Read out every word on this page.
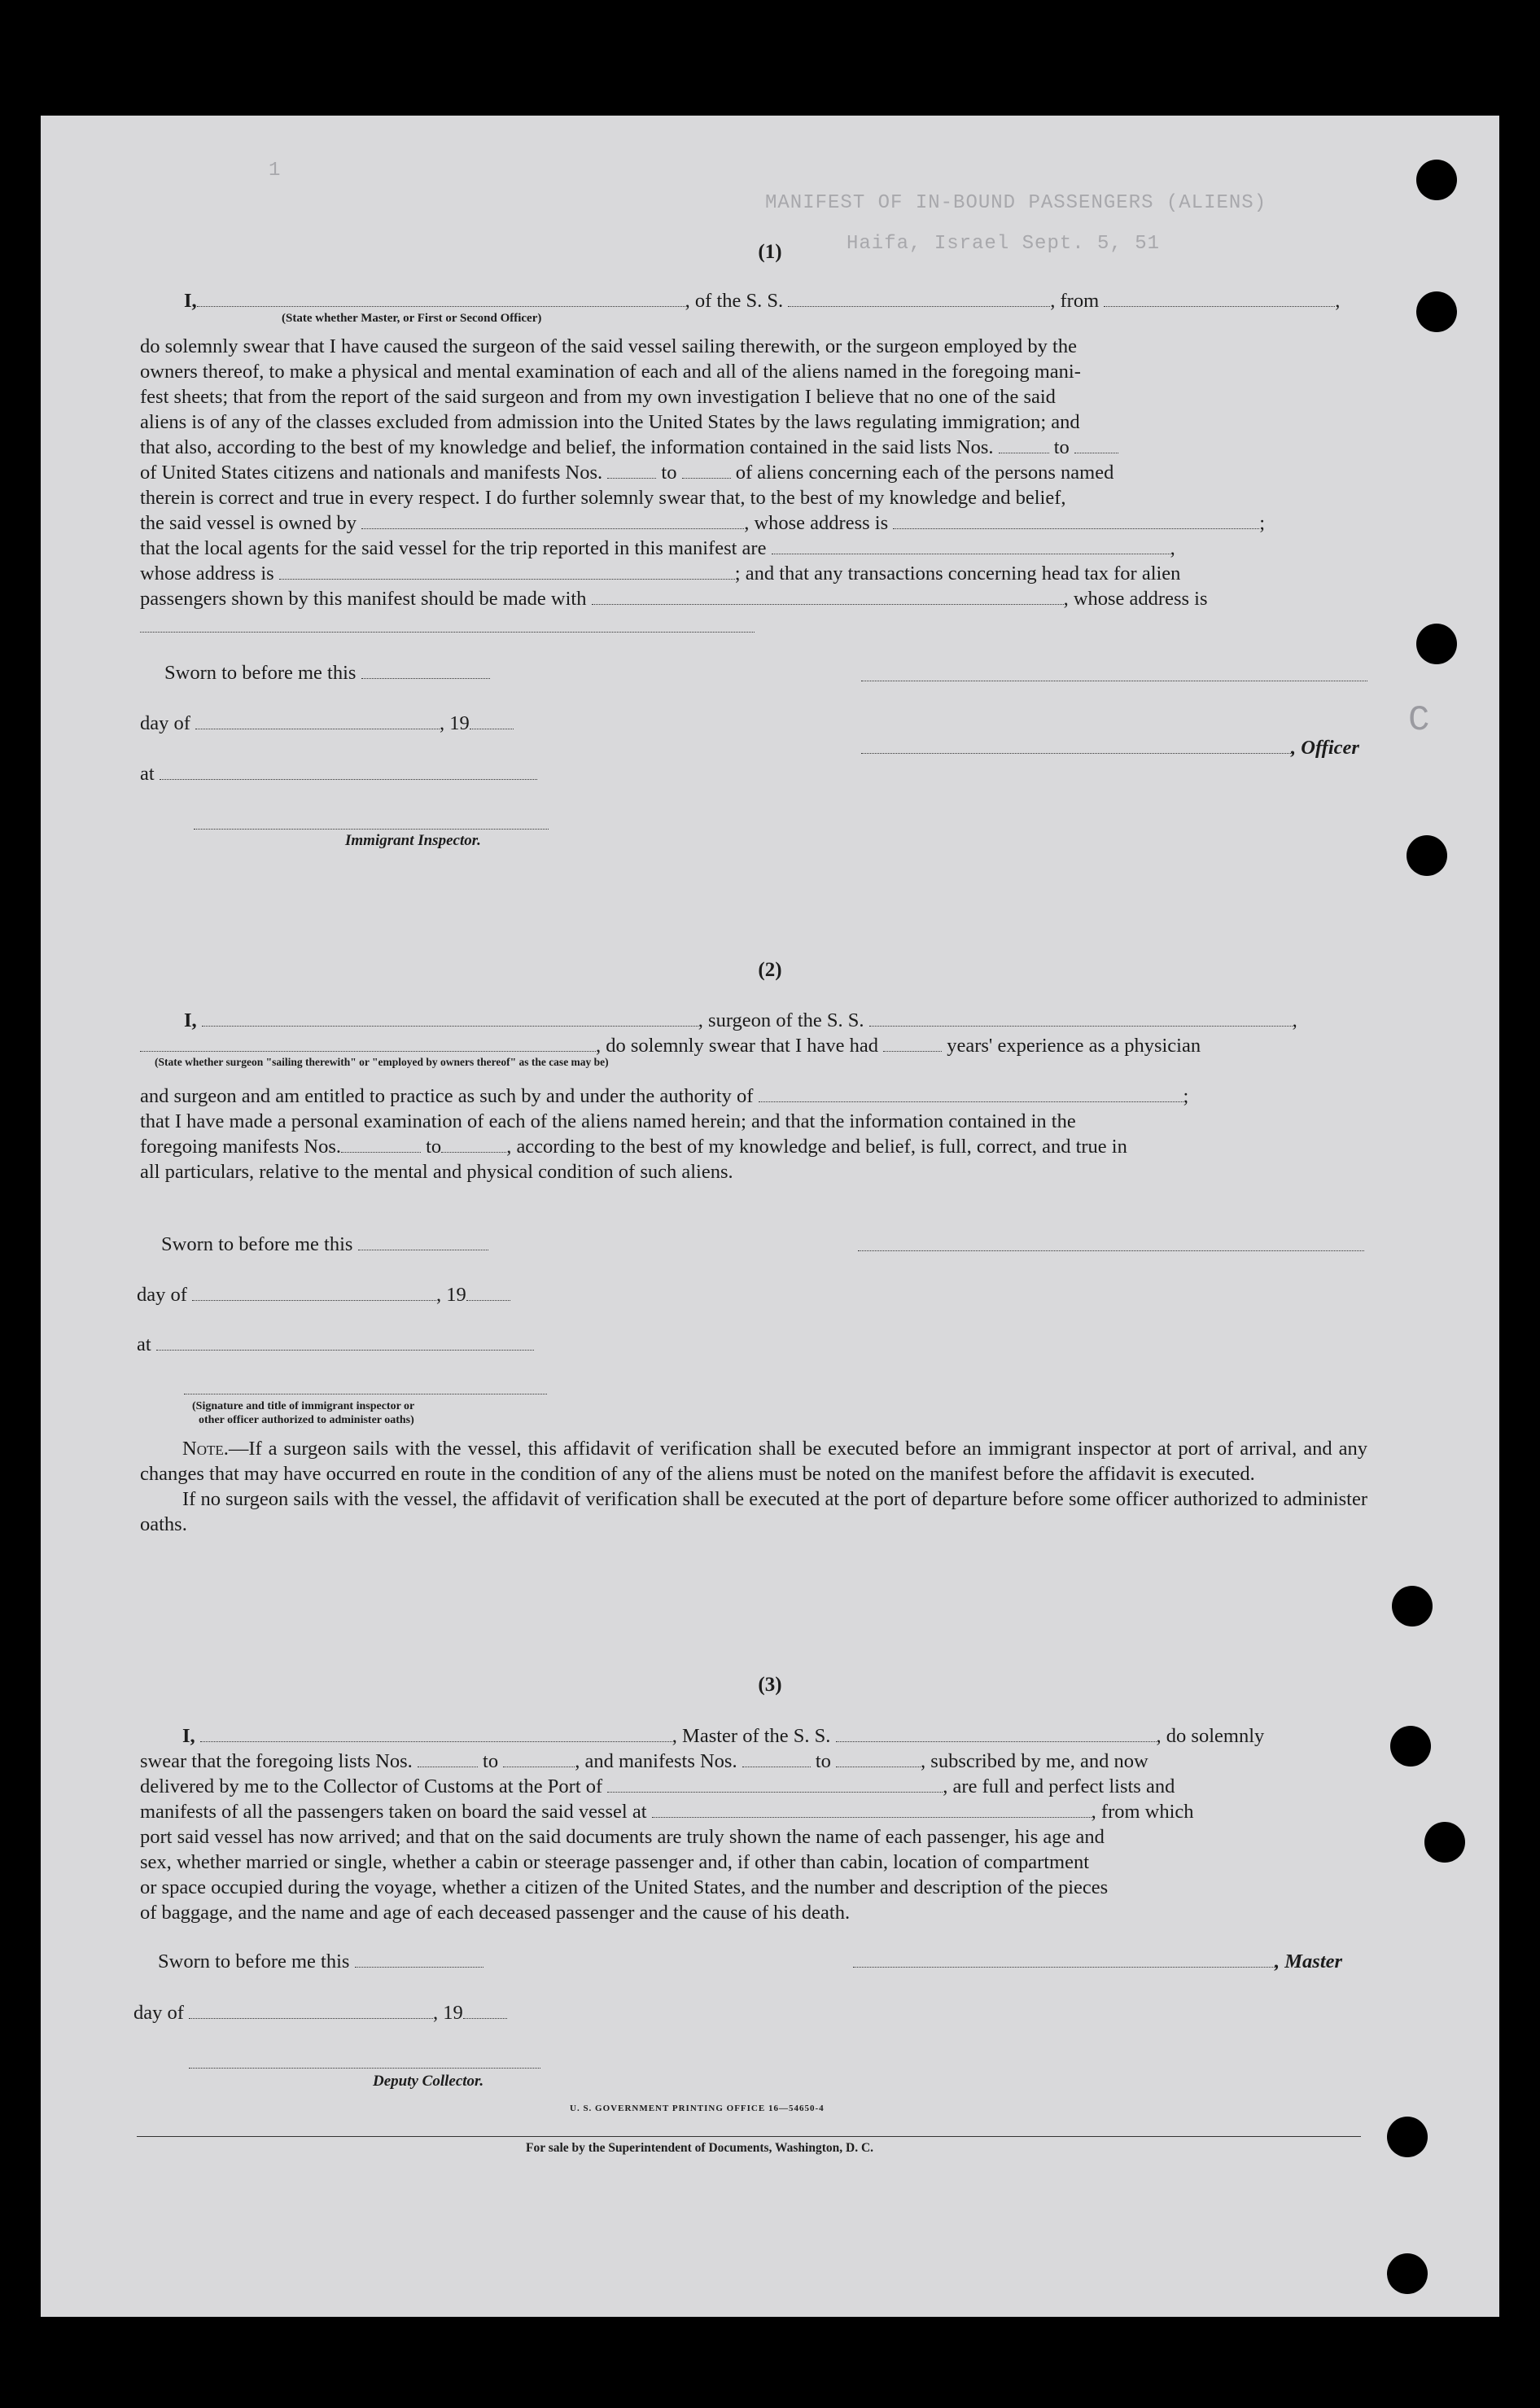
1
MANIFEST OF IN-BOUND PASSENGERS (ALIENS)
Haifa, Israel Sept. 5, 51
C
(1)
I,	, of the S. S.	, from	,
(State whether Master, or First or Second Officer)

do solemnly swear that I have caused the surgeon of the said vessel sailing therewith, or the surgeon employed by the

owners thereof, to make a physical and mental examination of each and all of the aliens named in the foregoing mani-

fest sheets; that from the report of the said surgeon and from my own investigation I believe that no one of the said

aliens is of any of the classes excluded from admission into the United States by the laws regulating immigration; and

that also, according to the best of my knowledge and belief, the information contained in the said lists Nos.	to

of United States citizens and nationals and manifests Nos.	to	of aliens concerning each of the persons named

therein is correct and true in every respect. I do further solemnly swear that, to the best of my knowledge and belief,

the said vessel is owned by	, whose address is	;

that the local agents for the said vessel for the trip reported in this manifest are	,

whose address is	; and that any transactions concerning head tax for alien

passengers shown by this manifest should be made with	, whose address is

Sworn to before me this
day of	, 19
, Officer
at
Immigrant Inspector.
(2)
I,	, surgeon of the S. S.	,
, do solemnly swear that I have had	years' experience as a physician
(State whether surgeon "sailing therewith" or "employed by owners thereof" as the case may be)

and surgeon and am entitled to practice as such by and under the authority of	;

that I have made a personal examination of each of the aliens named herein; and that the information contained in the

foregoing manifests Nos.	to	, according to the best of my knowledge and belief, is full, correct, and true in

all particulars, relative to the mental and physical condition of such aliens.

Sworn to before me this
day of	, 19
at
(Signature and title of immigrant inspector or
other officer authorized to administer oaths)

Note.—If a surgeon sails with the vessel, this affidavit of verification shall be executed before an immigrant inspector at port of arrival, and any changes that may have occurred en route in the condition of any of the aliens must be noted on the manifest before the affidavit is executed.

If no surgeon sails with the vessel, the affidavit of verification shall be executed at the port of departure before some officer authorized to administer oaths.

(3)

I,	, Master of the S. S.	, do solemnly

swear that the foregoing lists Nos.	to	, and manifests Nos.	to	, subscribed by me, and now

delivered by me to the Collector of Customs at the Port of	, are full and perfect lists and

manifests of all the passengers taken on board the said vessel at	, from which

port said vessel has now arrived; and that on the said documents are truly shown the name of each passenger, his age and

sex, whether married or single, whether a cabin or steerage passenger and, if other than cabin, location of compartment

or space occupied during the voyage, whether a citizen of the United States, and the number and description of the pieces

of baggage, and the name and age of each deceased passenger and the cause of his death.

Sworn to before me this	, Master
day of	, 19
Deputy Collector.
U. S. GOVERNMENT PRINTING OFFICE 16—54650-4
For sale by the Superintendent of Documents, Washington, D. C.
